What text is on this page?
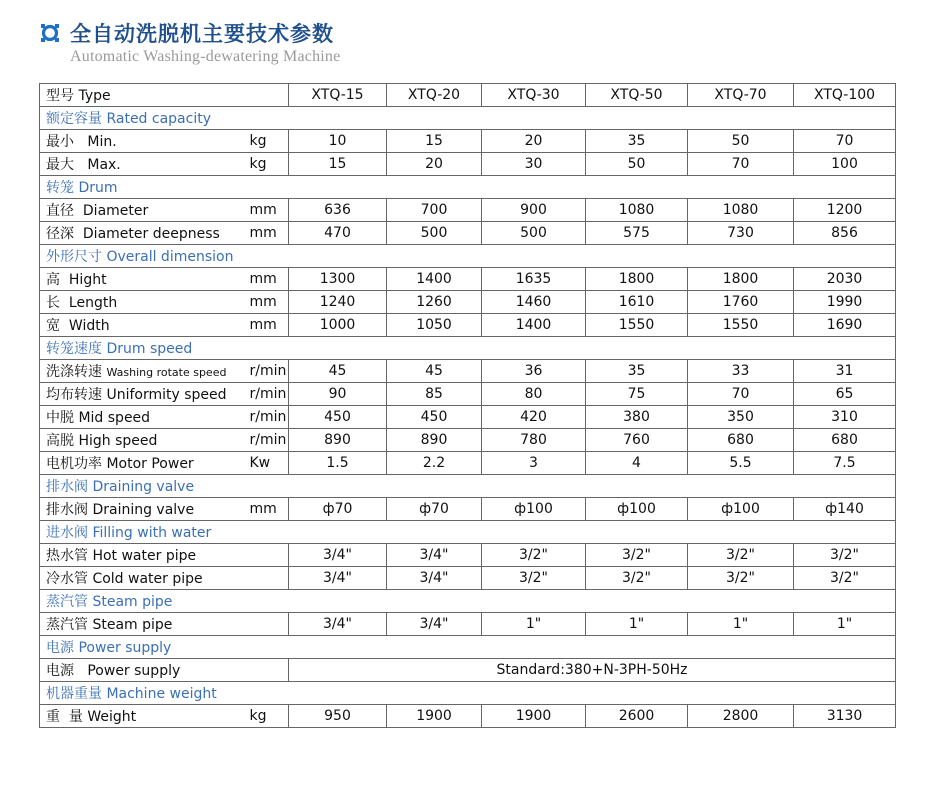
全自动洗脱机主要技术参数
Automatic Washing-dewatering Machine
型号 Type		XTQ-15	XTQ-20	XTQ-30	XTQ-50	XTQ-70	XTQ-100
额定容量 Rated capacity							
最小 Min.	kg	10	15	20	35	50	70
最大 Max.	kg	15	20	30	50	70	100
转笼 Drum							
直径 Diameter	mm	636	700	900	1080	1080	1200
径深 Diameter deepness	mm	470	500	500	575	730	856
外形尺寸 Overall dimension							
高 Hight	mm	1300	1400	1635	1800	1800	2030
长 Length	mm	1240	1260	1460	1610	1760	1990
宽 Width	mm	1000	1050	1400	1550	1550	1690
转笼速度 Drum speed							
洗涤转速 Washing rotate speed	r/min	45	45	36	35	33	31
均布转速 Uniformity speed	r/min	90	85	80	75	70	65
中脱 Mid speed	r/min	450	450	420	380	350	310
高脱 High speed	r/min	890	890	780	760	680	680
电机功率 Motor Power	Kw	1.5	2.2	3	4	5.5	7.5
排水阀 Draining valve							
排水阀 Draining valve	mm	ф70	ф70	ф100	ф100	ф100	ф140
进水阀 Filling with water							
热水管 Hot water pipe		3/4"	3/4"	3/2"	3/2"	3/2"	3/2"
冷水管 Cold water pipe		3/4"	3/4"	3/2"	3/2"	3/2"	3/2"
蒸汽管 Steam pipe							
蒸汽管 Steam pipe		3/4"	3/4"	1"	1"	1"	1"
电源 Power supply							
电源 Power supply		Standard:380+N-3PH-50Hz					
机器重量 Machine weight							
重  量 Weight	kg	950	1900	1900	2600	2800	3130
